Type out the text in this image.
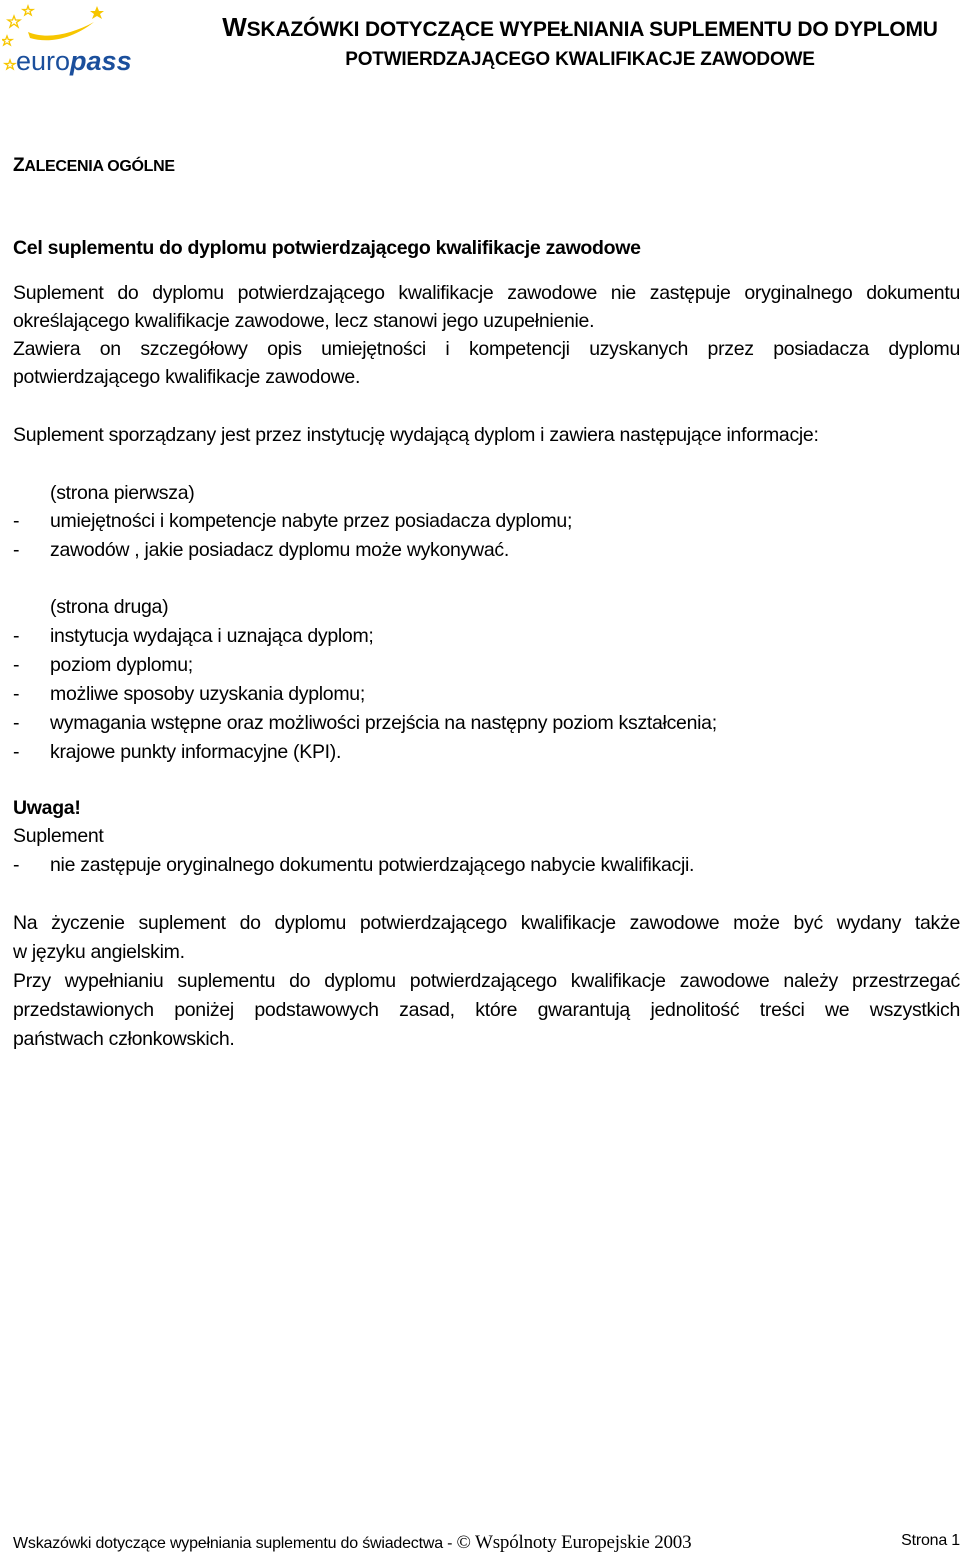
europass
WSKAZÓWKI DOTYCZĄCE WYPEŁNIANIA SUPLEMENTU DO DYPLOMU
POTWIERDZAJĄCEGO KWALIFIKACJE ZAWODOWE
ZALECENIA OGÓLNE
Cel suplementu do dyplomu potwierdzającego kwalifikacje zawodowe
Suplement do dyplomu potwierdzającego kwalifikacje zawodowe nie zastępuje oryginalnego dokumentu
określającego kwalifikacje zawodowe, lecz stanowi jego uzupełnienie.
Zawiera on szczegółowy opis umiejętności i kompetencji uzyskanych przez posiadacza dyplomu
potwierdzającego kwalifikacje zawodowe.
Suplement sporządzany jest przez instytucję wydającą dyplom i zawiera następujące informacje:
(strona pierwsza)
- umiejętności i kompetencje nabyte przez posiadacza dyplomu;
- zawodów , jakie posiadacz dyplomu może wykonywać.
(strona druga)
- instytucja wydająca i uznająca dyplom;
- poziom dyplomu;
- możliwe sposoby uzyskania dyplomu;
- wymagania wstępne oraz możliwości przejścia na następny poziom kształcenia;
- krajowe punkty informacyjne (KPI).
Uwaga!
Suplement
- nie zastępuje oryginalnego dokumentu potwierdzającego nabycie kwalifikacji.
Na życzenie suplement do dyplomu potwierdzającego kwalifikacje zawodowe może być wydany także
w języku angielskim.
Przy wypełnianiu suplementu do dyplomu potwierdzającego kwalifikacje zawodowe należy przestrzegać
przedstawionych poniżej podstawowych zasad, które gwarantują jednolitość treści we wszystkich
państwach członkowskich.
Wskazówki dotyczące wypełniania suplementu do świadectwa - © Wspólnoty Europejskie 2003	Strona 1
